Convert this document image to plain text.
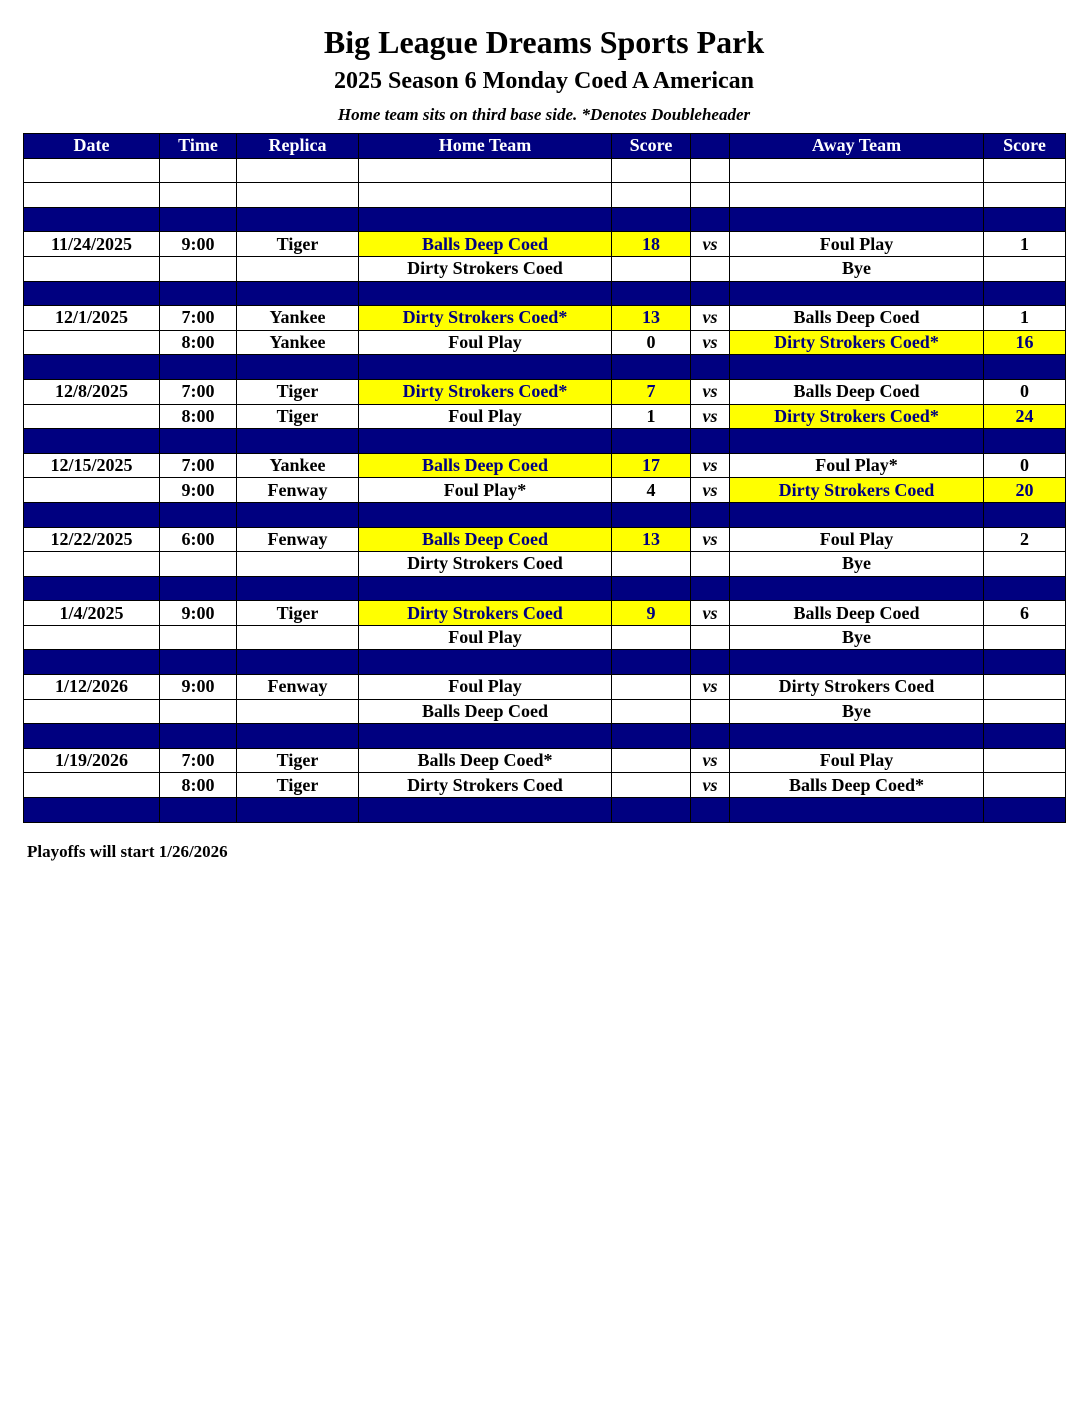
Big League Dreams Sports Park
2025 Season 6 Monday Coed A American
Home team sits on third base side. *Denotes Doubleheader
Date	Time	Replica	Home Team	Score		Away Team	Score

11/24/2025	9:00	Tiger	Balls Deep Coed	18	vs	Foul Play	1
			Dirty Strokers Coed			Bye	

12/1/2025	7:00	Yankee	Dirty Strokers Coed*	13	vs	Balls Deep Coed	1
	8:00	Yankee	Foul Play	0	vs	Dirty Strokers Coed*	16

12/8/2025	7:00	Tiger	Dirty Strokers Coed*	7	vs	Balls Deep Coed	0
	8:00	Tiger	Foul Play	1	vs	Dirty Strokers Coed*	24

12/15/2025	7:00	Yankee	Balls Deep Coed	17	vs	Foul Play*	0
	9:00	Fenway	Foul Play*	4	vs	Dirty Strokers Coed	20

12/22/2025	6:00	Fenway	Balls Deep Coed	13	vs	Foul Play	2
			Dirty Strokers Coed			Bye	

1/4/2025	9:00	Tiger	Dirty Strokers Coed	9	vs	Balls Deep Coed	6
			Foul Play			Bye	

1/12/2026	9:00	Fenway	Foul Play		vs	Dirty Strokers Coed	
			Balls Deep Coed			Bye	

1/19/2026	7:00	Tiger	Balls Deep Coed*		vs	Foul Play	
	8:00	Tiger	Dirty Strokers Coed		vs	Balls Deep Coed*	

Playoffs will start 1/26/2026
